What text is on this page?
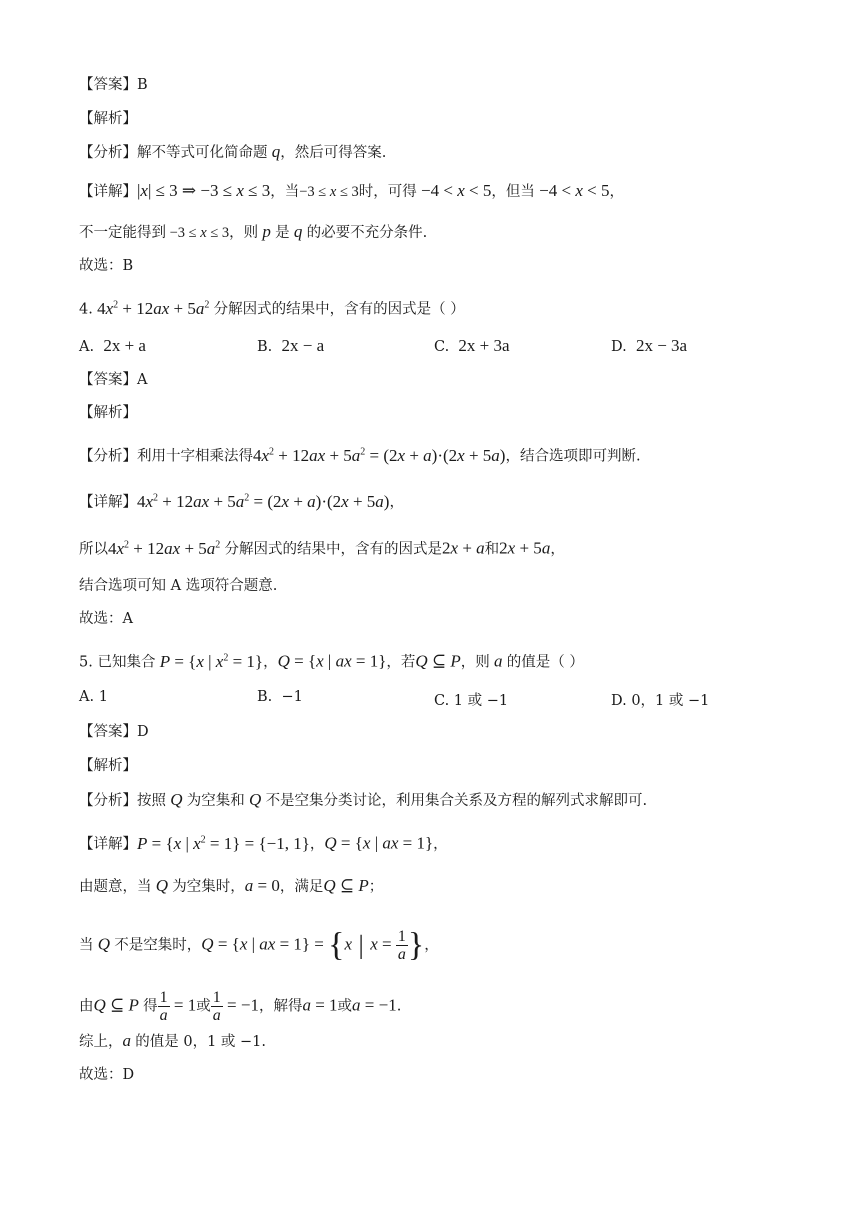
【答案】B
【解析】
【分析】解不等式可化简命题 q，然后可得答案.
【详解】|x| ≤ 3 ⇒ −3 ≤ x ≤ 3，当−3 ≤ x ≤ 3时，可得 −4 < x < 5，但当 −4 < x < 5，
不一定能得到 −3 ≤ x ≤ 3，则 p 是 q 的必要不充分条件.
故选：B
4. $4x^2 + 12ax + 5a^2$ 分解因式的结果中，含有的因式是（ ）
A. 2x + a	B. 2x − a	C. 2x + 3a	D. 2x − 3a
【答案】A
【解析】
【分析】利用十字相乘法得$4x^2 + 12ax + 5a^2 = (2x + a)\cdot(2x + 5a)$，结合选项即可判断.
【详解】$4x^2 + 12ax + 5a^2 = (2x + a)\cdot(2x + 5a)$，
所以$4x^2 + 12ax + 5a^2$ 分解因式的结果中，含有的因式是2x + a和2x + 5a，
结合选项可知 A 选项符合题意.
故选：A
5. 已知集合 P = {x | $x^2 = 1$}，Q = {x | ax = 1}，若Q ⊆ P，则 a 的值是（ ）
A. 1	B. −1	C. 1 或 −1	D. 0，1 或 −1
【答案】D
【解析】
【分析】按照 Q 为空集和 Q 不是空集分类讨论，利用集合关系及方程的解列式求解即可.
【详解】P = {x | $x^2 = 1\} = \{-1$, 1}，Q = {x | ax = 1}，
由题意，当 Q 为空集时，a = 0，满足Q ⊆ P；
当 Q 不是空集时，Q = {x | ax = 1} = {x | $x = \frac{1}{a}$ }，
由Q ⊆ P 得 $\frac{1}{a} = 1$或 $\frac{1}{a} = -1$，解得a = 1或a = −1.
综上，a 的值是 0，1 或 −1.
故选：D
